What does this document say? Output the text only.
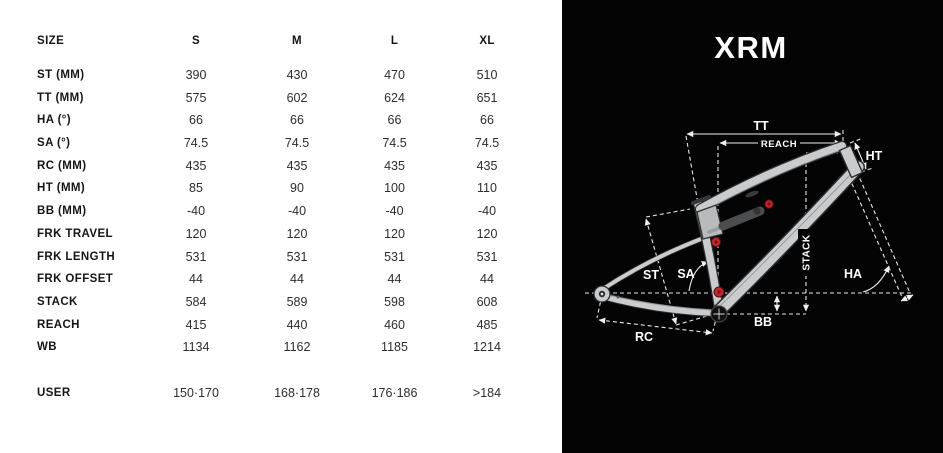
SIZE	S	M	L	XL
ST (MM)	390	430	470	510
TT (MM)	575	602	624	651
HA (°)	66	66	66	66
SA (°)	74.5	74.5	74.5	74.5
RC (MM)	435	435	435	435
HT (MM)	85	90	100	110
BB (MM)	-40	-40	-40	-40
FRK TRAVEL	120	120	120	120
FRK LENGTH	531	531	531	531
FRK OFFSET	44	44	44	44
STACK	584	589	598	608
REACH	415	440	460	485
WB	1134	1162	1185	1214
USER	150·170	168·178	176·186	>184
XRM
TT
REACH
HT
ST SA
STACK
HA
BB
RC
